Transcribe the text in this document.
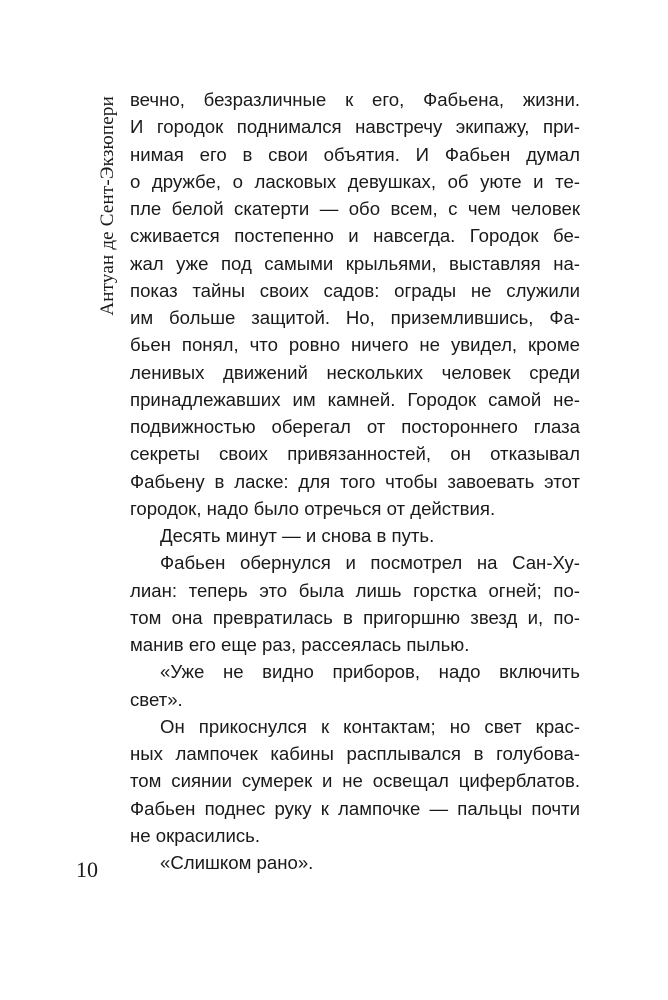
Антуан де Сент-Экзюпери вечно, безразличные к его, Фабьена, жизни.
И городок поднимался навстречу экипажу, при-
нимая его в свои объятия. И Фабьен думал
о дружбе, о ласковых девушках, об уюте и те-
пле белой скатерти — обо всем, с чем человек
сживается постепенно и навсегда. Городок бе-
жал уже под самыми крыльями, выставляя на-
показ тайны своих садов: ограды не служили
им больше защитой. Но, приземлившись, Фа-
бьен понял, что ровно ничего не увидел, кроме
ленивых движений нескольких человек среди
принадлежавших им камней. Городок самой не-
подвижностью оберегал от постороннего глаза
секреты своих привязанностей, он отказывал
Фабьену в ласке: для того чтобы завоевать этот
городок, надо было отречься от действия.
Десять минут — и снова в путь.
Фабьен обернулся и посмотрел на Сан-Ху-
лиан: теперь это была лишь горстка огней; по-
том она превратилась в пригоршню звезд и, по-
манив его еще раз, рассеялась пылью.
«Уже не видно приборов, надо включить
свет».
Он прикоснулся к контактам; но свет крас-
ных лампочек кабины расплывался в голубова-
том сиянии сумерек и не освещал циферблатов.
Фабьен поднес руку к лампочке — пальцы почти
не окрасились.
«Слишком рано».
10
